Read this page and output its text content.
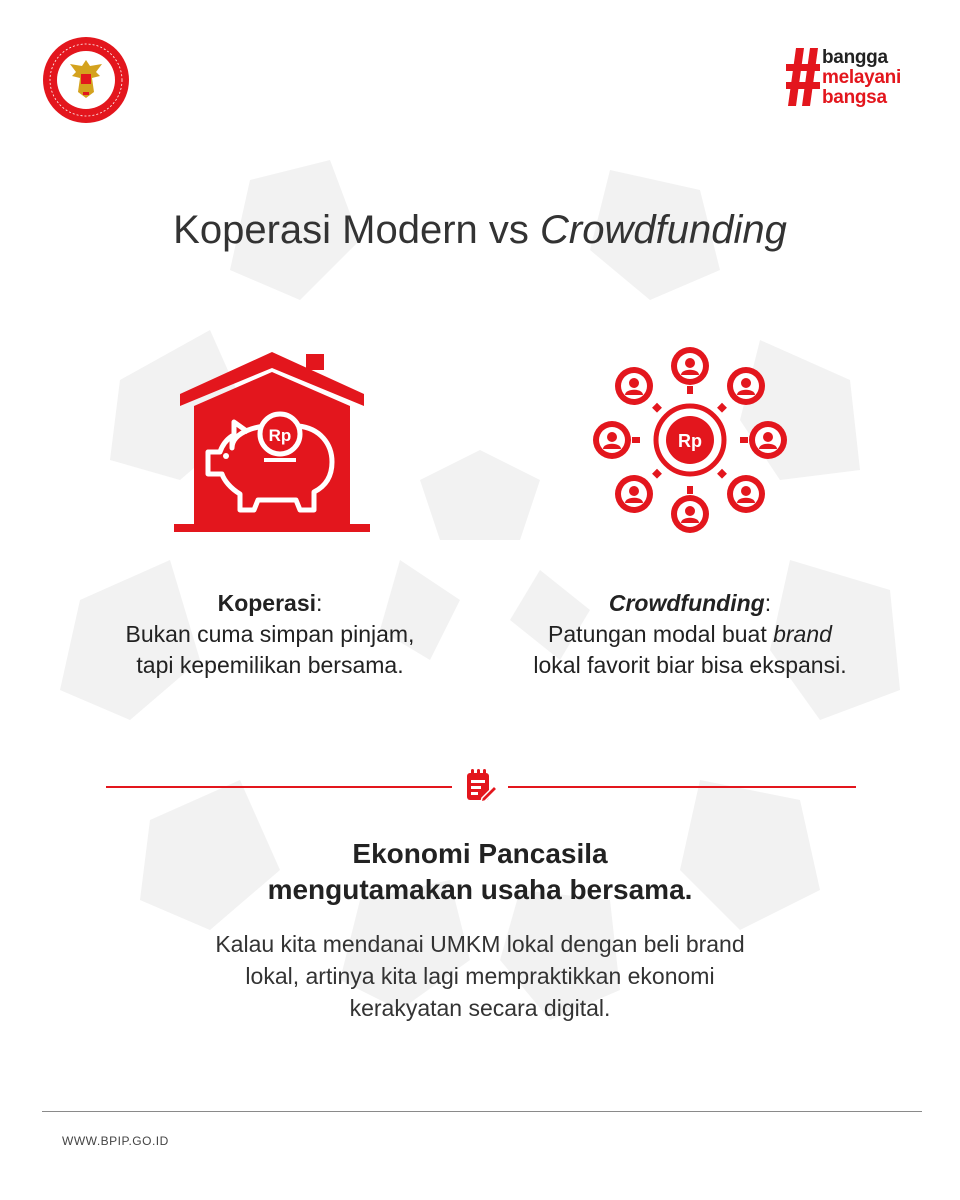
bangga
melayani
bangsa
Koperasi Modern vs Crowdfunding
Rp	Rp
Koperasi:
Bukan cuma simpan pinjam,
tapi kepemilikan bersama.
Crowdfunding:
Patungan modal buat brand
lokal favorit biar bisa ekspansi.
Ekonomi Pancasila
mengutamakan usaha bersama.
Kalau kita mendanai UMKM lokal dengan beli brand
lokal, artinya kita lagi mempraktikkan ekonomi
kerakyatan secara digital.
WWW.BPIP.GO.ID
